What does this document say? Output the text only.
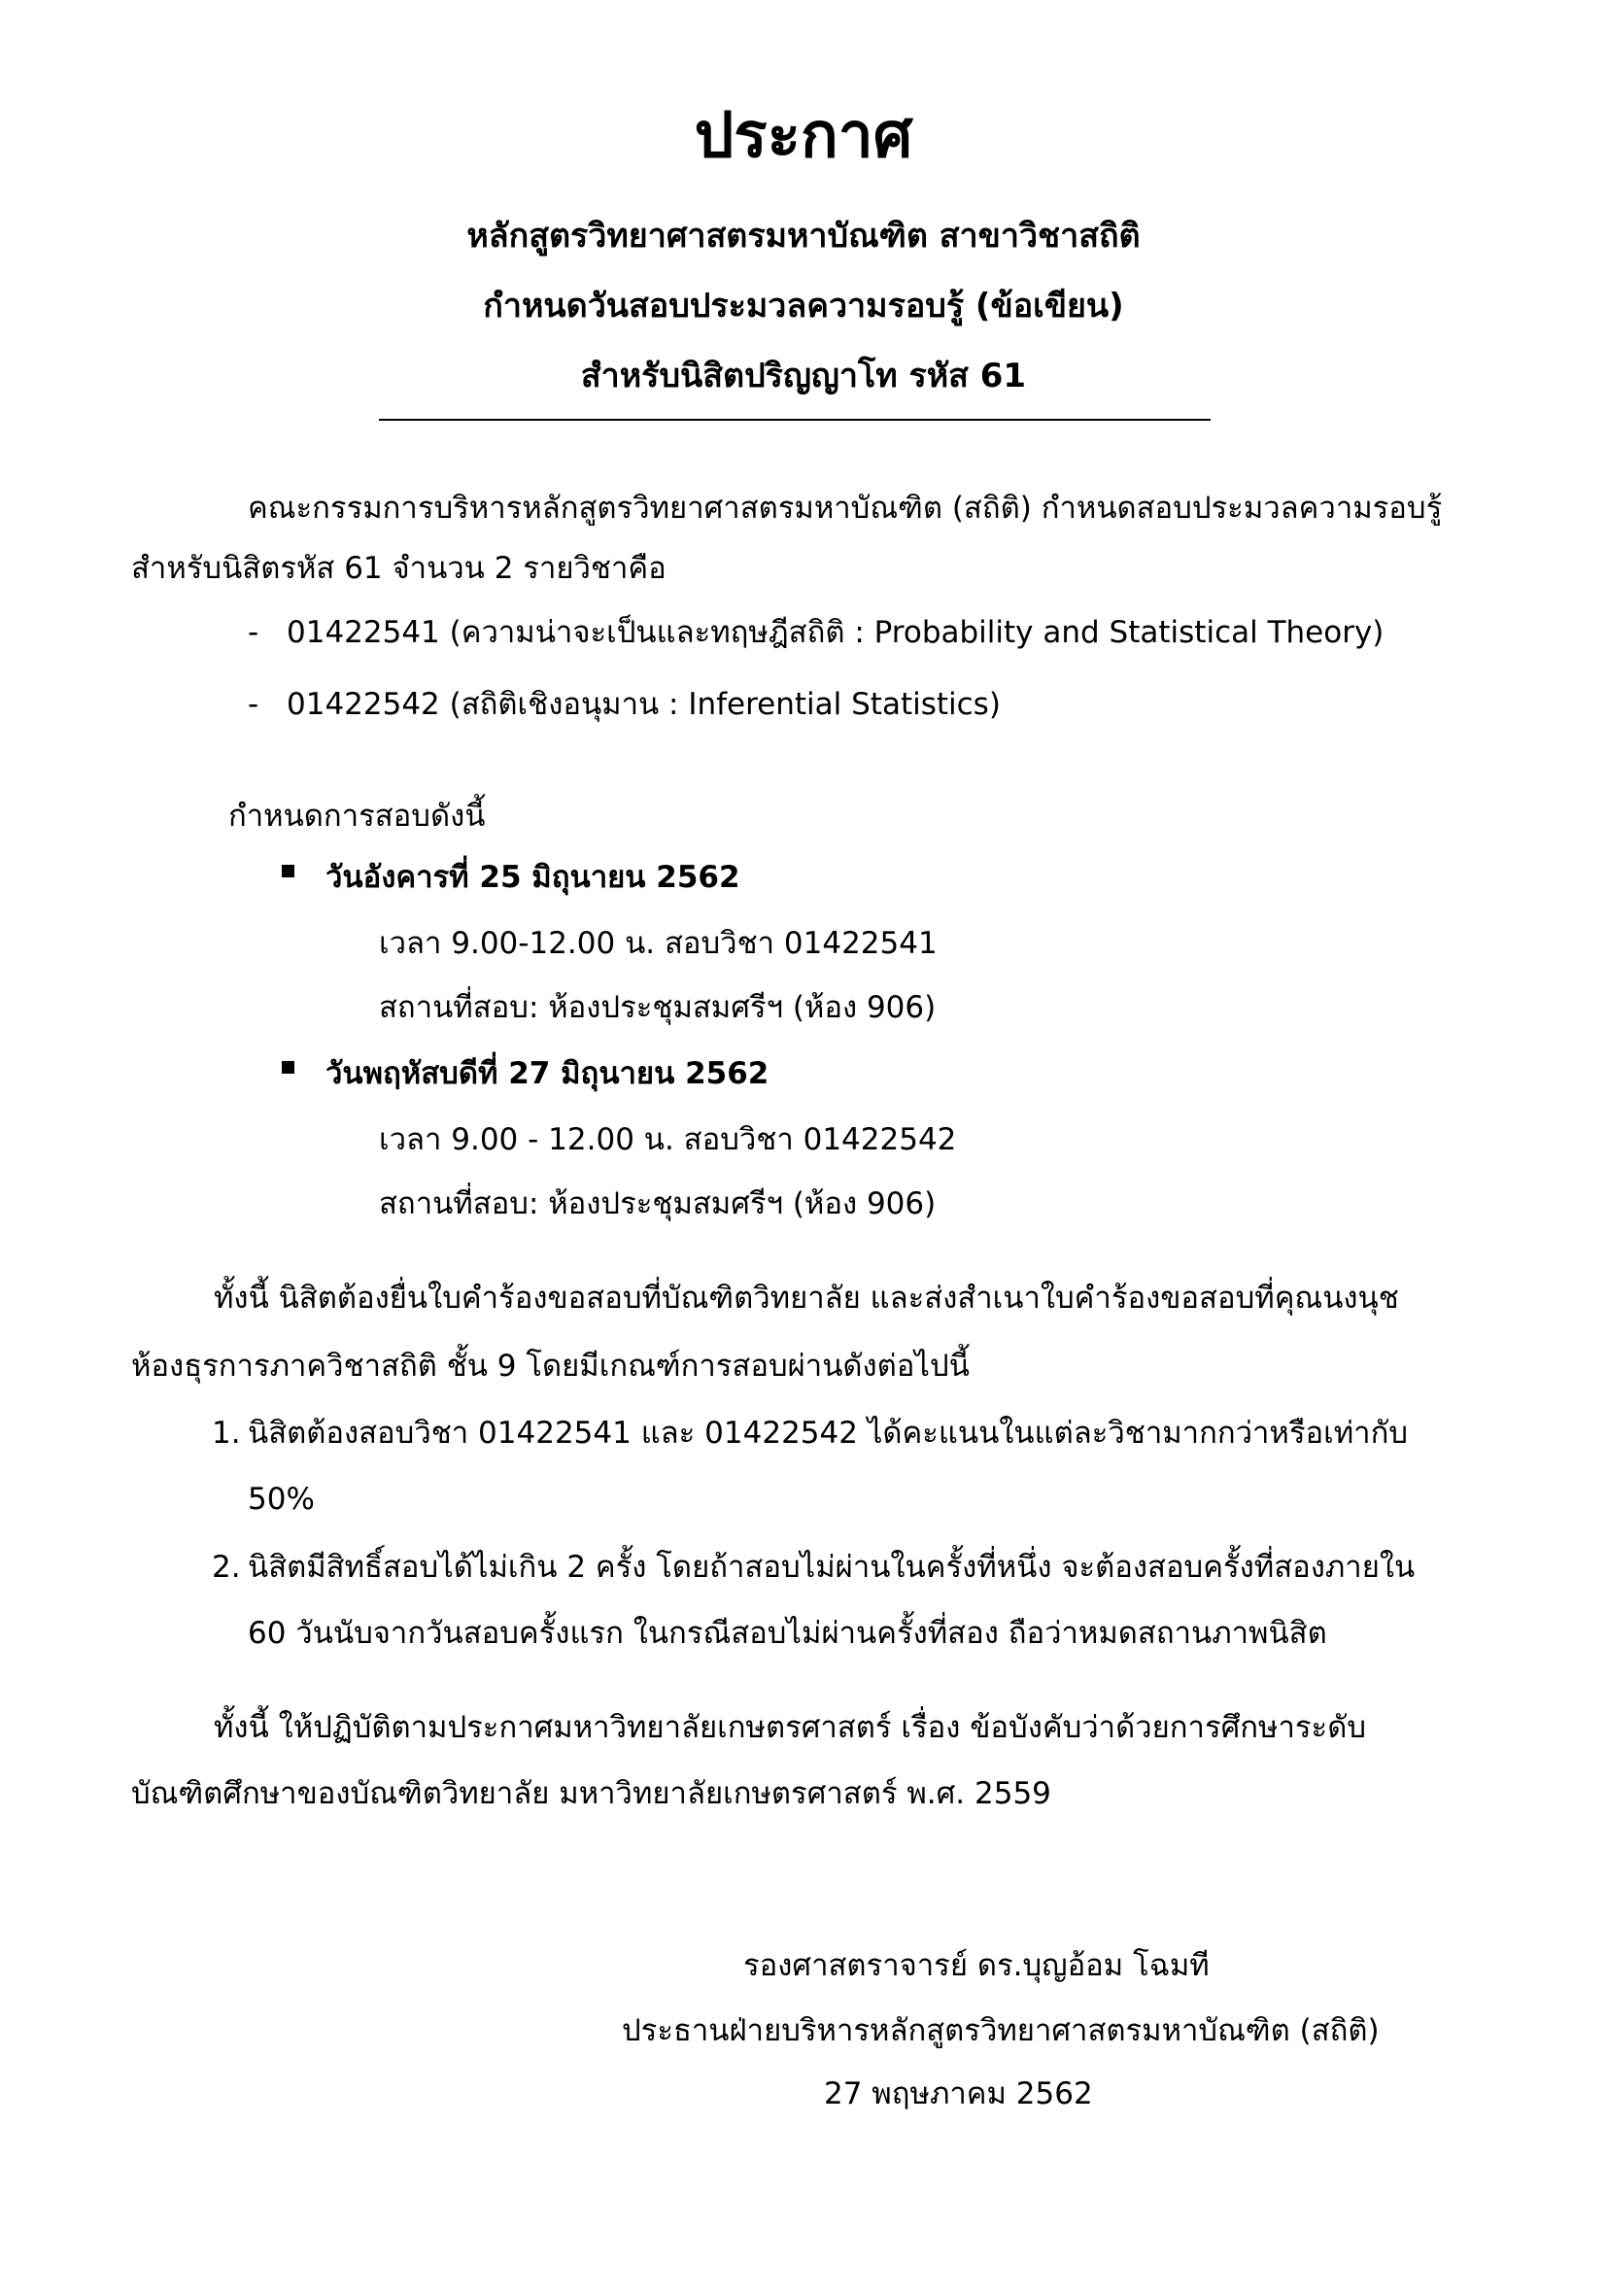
ประกาศ
หลักสูตรวิทยาศาสตรมหาบัณฑิต สาขาวิชาสถิติ
กำหนดวันสอบประมวลความรอบรู้ (ข้อเขียน)
สำหรับนิสิตปริญญาโท รหัส 61
คณะกรรมการบริหารหลักสูตรวิทยาศาสตรมหาบัณฑิต (สถิติ) กำหนดสอบประมวลความรอบรู้
สำหรับนิสิตรหัส 61 จำนวน 2 รายวิชาคือ
- 01422541 (ความน่าจะเป็นและทฤษฎีสถิติ : Probability and Statistical Theory)
- 01422542 (สถิติเชิงอนุมาน : Inferential Statistics)
กำหนดการสอบดังนี้
วันอังคารที่ 25 มิถุนายน 2562
เวลา 9.00-12.00 น. สอบวิชา 01422541
สถานที่สอบ: ห้องประชุมสมศรีฯ (ห้อง 906)
วันพฤหัสบดีที่ 27 มิถุนายน 2562
เวลา 9.00 - 12.00 น. สอบวิชา 01422542
สถานที่สอบ: ห้องประชุมสมศรีฯ (ห้อง 906)
ทั้งนี้ นิสิตต้องยื่นใบคำร้องขอสอบที่บัณฑิตวิทยาลัย และส่งสำเนาใบคำร้องขอสอบที่คุณนงนุช
ห้องธุรการภาควิชาสถิติ ชั้น 9 โดยมีเกณฑ์การสอบผ่านดังต่อไปนี้
1. นิสิตต้องสอบวิชา 01422541 และ 01422542 ได้คะแนนในแต่ละวิชามากกว่าหรือเท่ากับ
50%
2. นิสิตมีสิทธิ์สอบได้ไม่เกิน 2 ครั้ง โดยถ้าสอบไม่ผ่านในครั้งที่หนึ่ง จะต้องสอบครั้งที่สองภายใน
60 วันนับจากวันสอบครั้งแรก ในกรณีสอบไม่ผ่านครั้งที่สอง ถือว่าหมดสถานภาพนิสิต
ทั้งนี้ ให้ปฏิบัติตามประกาศมหาวิทยาลัยเกษตรศาสตร์ เรื่อง ข้อบังคับว่าด้วยการศึกษาระดับ
บัณฑิตศึกษาของบัณฑิตวิทยาลัย มหาวิทยาลัยเกษตรศาสตร์ พ.ศ. 2559
รองศาสตราจารย์ ดร.บุญอ้อม โฉมที
ประธานฝ่ายบริหารหลักสูตรวิทยาศาสตรมหาบัณฑิต (สถิติ)
27 พฤษภาคม 2562
